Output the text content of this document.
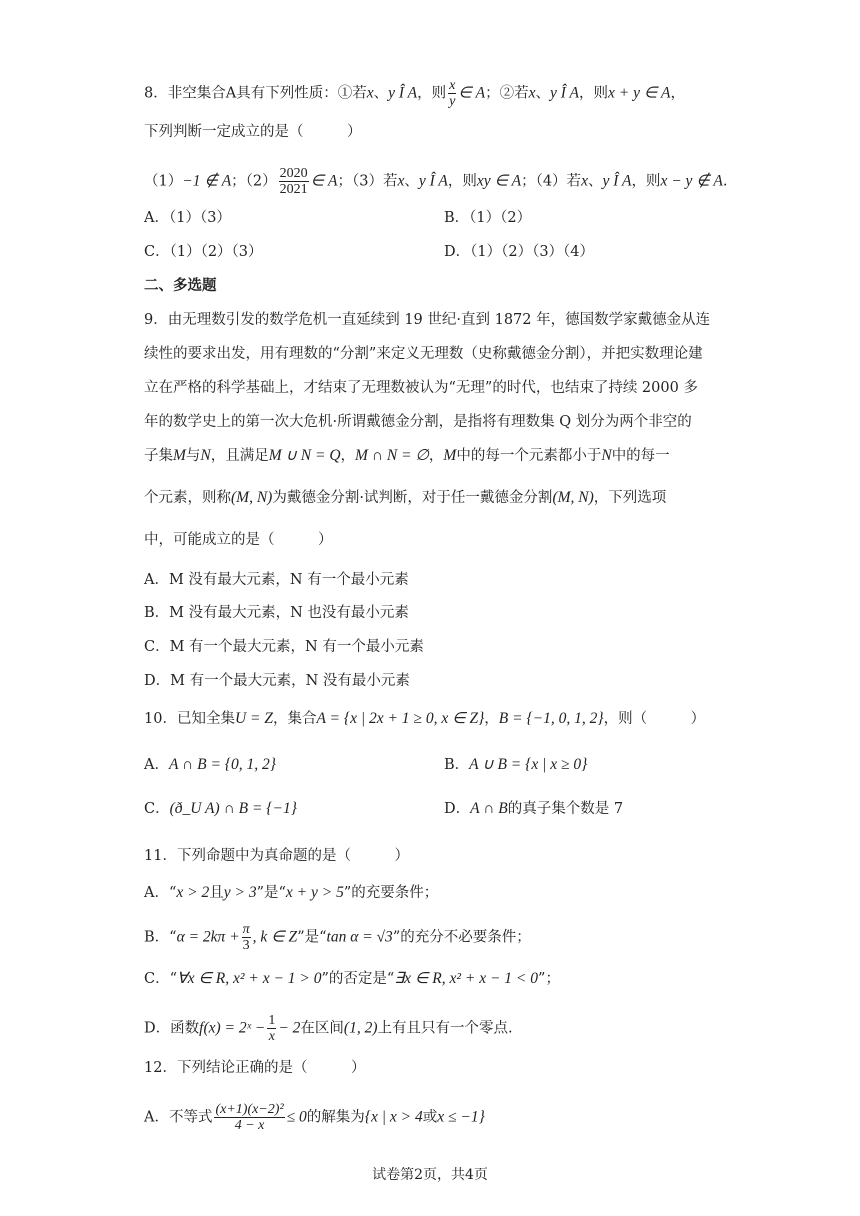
8．非空集合A具有下列性质：①若x、y Î A，则 $\frac{x}{y}$ ∈ A；②若x、y Î A，则x + y ∈ A，
下列判断一定成立的是（　　　）
（1）−1 ∉ A；$(2) \frac{2020}{2021}$ ∈ A；（3）若x、y Î A，则xy ∈ A；（4）若x、y Î A，则x − y ∉ A.
A．（1）（3）	B．（1）（2）
C．（1）（2）（3）	D．（1）（2）（3）（4）
二、多选题
9．由无理数引发的数学危机一直延续到 19 世纪·直到 1872 年，德国数学家戴德金从连
续性的要求出发，用有理数的“分割”来定义无理数（史称戴德金分割），并把实数理论建
立在严格的科学基础上，才结束了无理数被认为“无理”的时代，也结束了持续 2000 多
年的数学史上的第一次大危机·所谓戴德金分割，是指将有理数集 Q 划分为两个非空的
子集M与N，且满足M ∪ N = Q，M ∩ N = ∅，M中的每一个元素都小于N中的每一
个元素，则称(M, N)为戴德金分割·试判断，对于任一戴德金分割(M, N)，下列选项
中，可能成立的是（　　　）
A．M 没有最大元素，N 有一个最小元素
B．M 没有最大元素，N 也没有最小元素
C．M 有一个最大元素，N 有一个最小元素
D．M 有一个最大元素，N 没有最小元素
10．已知全集U = Z，集合A = {x | 2x + 1 ≥ 0, x ∈ Z}，B = {−1, 0, 1, 2}，则（　　　）
A．A ∩ B = {0, 1, 2}	B．A ∪ B = {x | x ≥ 0}
C．(ð_U A) ∩ B = {−1}	D．A ∩ B的真子集个数是 7
11．下列命题中为真命题的是（　　　）
A．“x > 2且y > 3”是“x + y > 5”的充要条件；
B．“$\alpha = 2k\pi + \frac{\pi}{3}$ , k ∈ Z”是“tan α = √3”的充分不必要条件；
C．“∀x ∈ R, x² + x − 1 > 0”的否定是“∃x ∈ R, x² + x − 1 < 0”；
D．函数f(x) = 2ˣ − $\frac{1}{x} - 2$在区间(1, 2)上有且只有一个零点.
12．下列结论正确的是（　　　）
A．不等式 $\frac{\text{(x+1)(x−2)²}}{4 - x} \le 0$的解集为{x | x > 4或x ≤ −1}
试卷第2页，共4页
